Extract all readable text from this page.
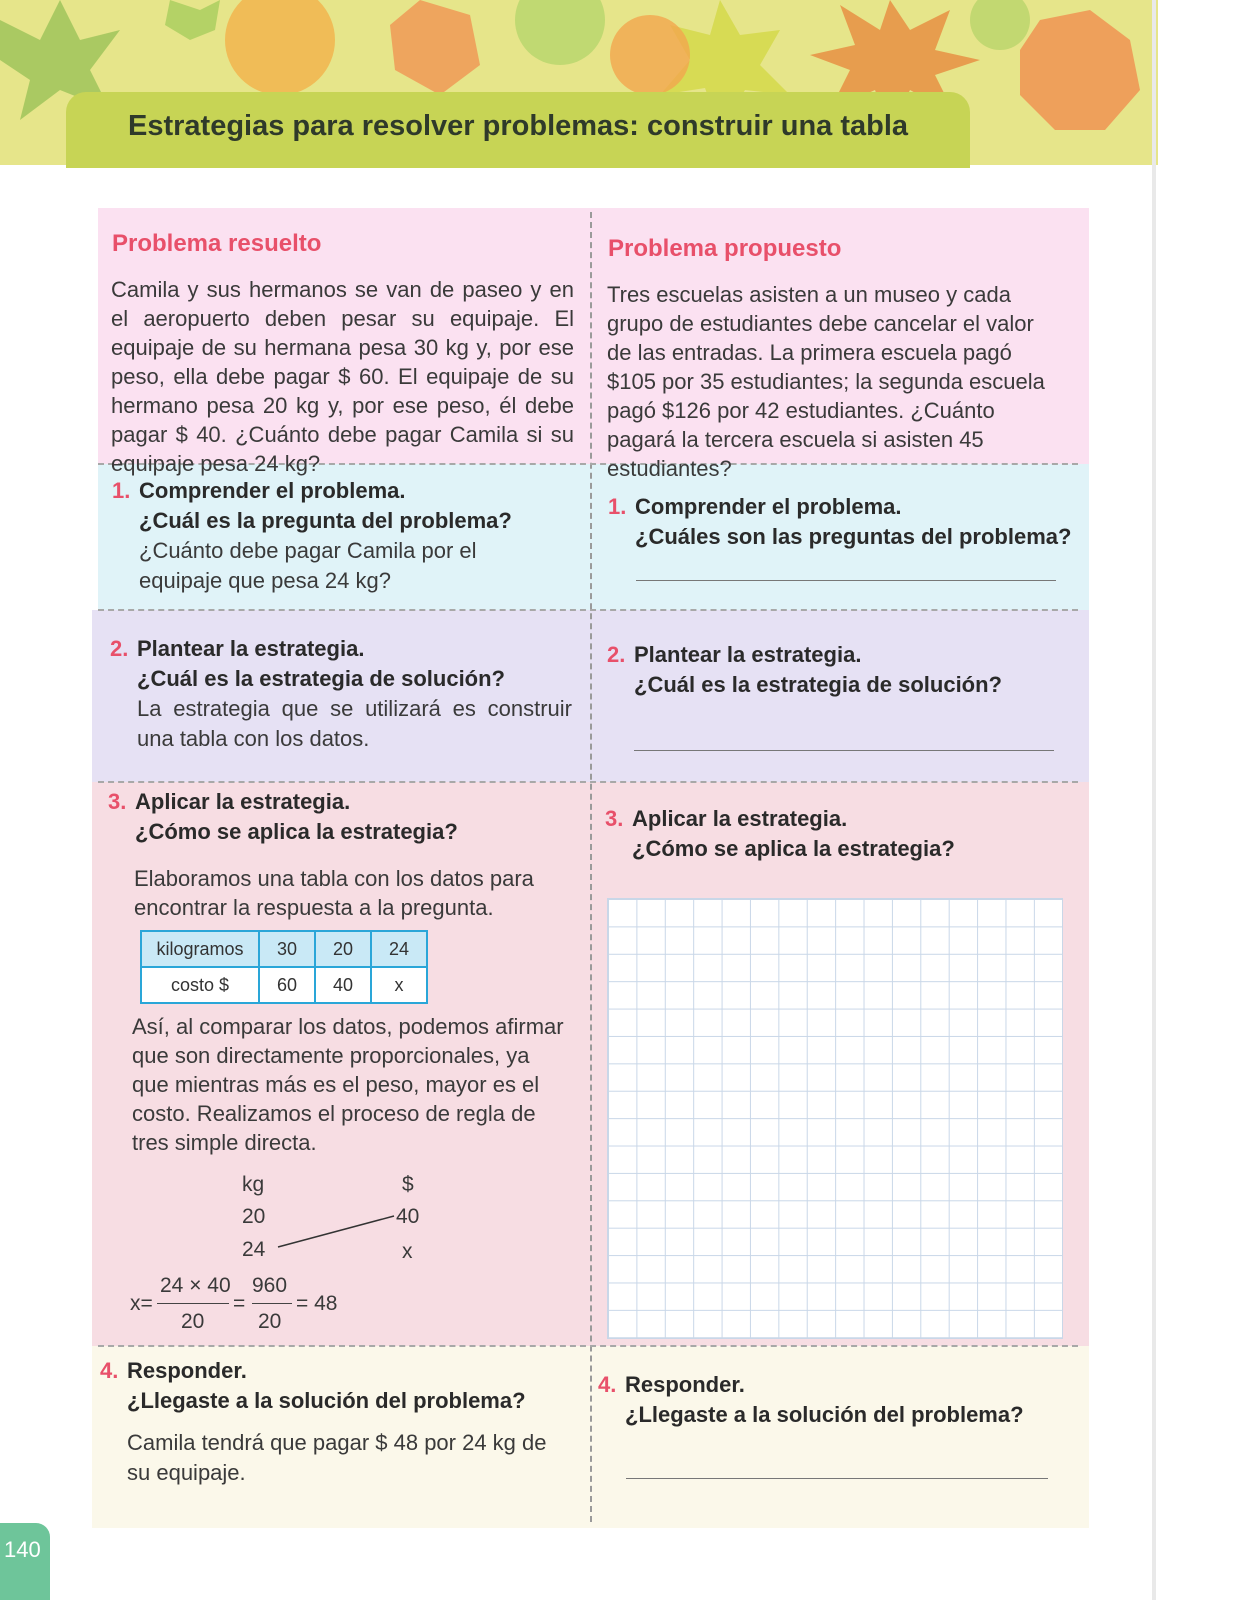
Estrategias para resolver problemas: construir una tabla
Problema resuelto
Camila y sus hermanos se van de paseo y en el aeropuerto deben pesar su equipaje. El equipaje de su hermana pesa 30 kg y, por ese peso, ella debe pagar $ 60. El equipaje de su hermano pesa 20 kg y, por ese peso, él debe pagar $ 40. ¿Cuánto debe pagar Camila si su equipaje pesa 24 kg?
1. Comprender el problema.
¿Cuál es la pregunta del problema?
¿Cuánto debe pagar Camila por el equipaje que pesa 24 kg?
2. Plantear la estrategia.
¿Cuál es la estrategia de solución?
La estrategia que se utilizará es construir una tabla con los datos.
3. Aplicar la estrategia.
¿Cómo se aplica la estrategia?
Elaboramos una tabla con los datos para encontrar la respuesta a la pregunta.
kilogramos	30	20	24
costo $	60	40	x
Así, al comparar los datos, podemos afirmar que son directamente proporcionales, ya que mientras más es el peso, mayor es el costo. Realizamos el proceso de regla de tres simple directa.
kg	$
20	40
24	x
x=
24 × 40
20
=
960
20
= 48
4. Responder.
¿Llegaste a la solución del problema?
Camila tendrá que pagar $ 48 por 24 kg de su equipaje.
Problema propuesto
Tres escuelas asisten a un museo y cada grupo de estudiantes debe cancelar el valor de las entradas. La primera escuela pagó $105 por 35 estudiantes; la segunda escuela pagó $126 por 42 estudiantes. ¿Cuánto pagará la tercera escuela si asisten 45 estudiantes?
1. Comprender el problema.
¿Cuáles son las preguntas del problema?
2. Plantear la estrategia.
¿Cuál es la estrategia de solución?
3. Aplicar la estrategia.
¿Cómo se aplica la estrategia?
4. Responder.
¿Llegaste a la solución del problema?
140
